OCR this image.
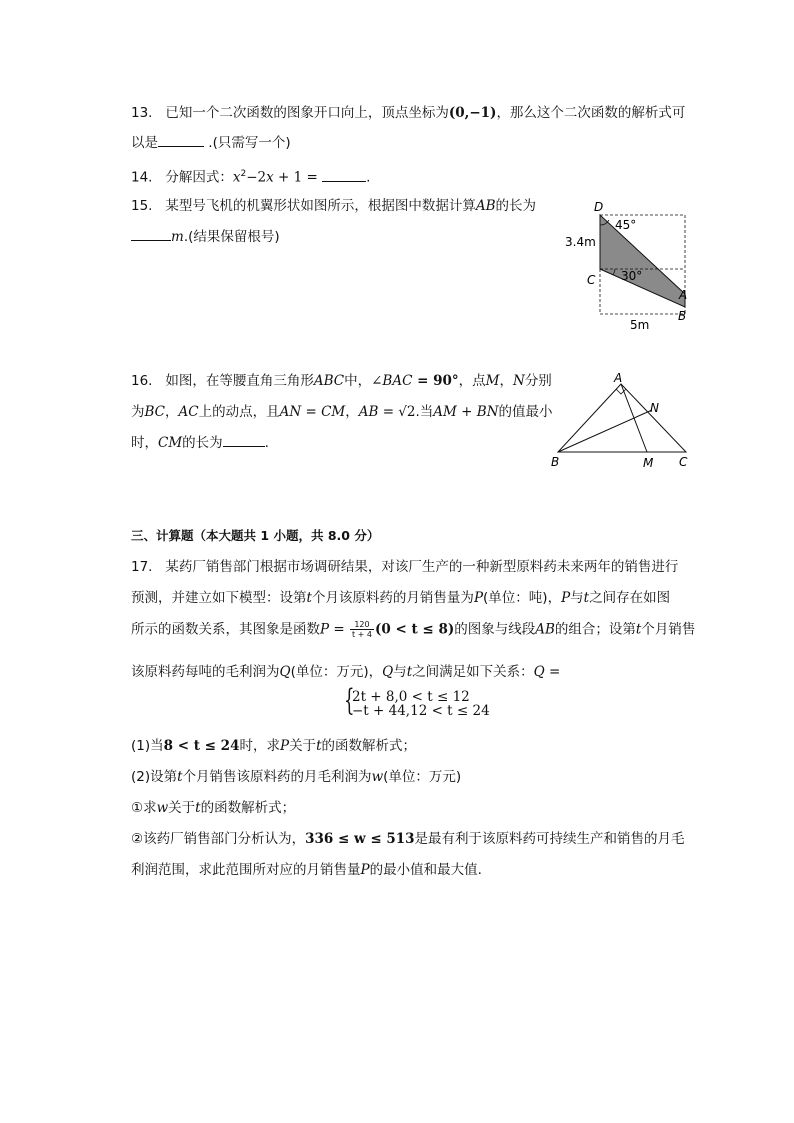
13. 已知一个二次函数的图象开口向上，顶点坐标为(0,−1)，那么这个二次函数的解析式可
以是	.(只需写一个)
14. 分解因式：$x^2-2x + 1$ =	.
15. 某型号飞机的机翼形状如图所示，根据图中数据计算AB的长为
m.(结果保留根号)
D
45°
3.4m
C 30°
A
B
5m
16. 如图，在等腰直角三角形ABC中，∠BAC = 90°，点M，N分别
为BC，AC上的动点，且AN = CM，AB = √2.当AM + BN的值最小
时，CM的长为	.
A
N
B	M C
三、计算题（本大题共 1 小题，共 8.0 分）
17. 某药厂销售部门根据市场调研结果，对该厂生产的一种新型原料药未来两年的销售进行
预测，并建立如下模型：设第t个月该原料药的月销售量为P(单位：吨)，P与t之间存在如图
所示的函数关系，其图象是函数$P = \frac{120}{t + 4} (0 < t \le 8)$的图象与线段AB的组合；设第t个月销售
该原料药每吨的毛利润为Q(单位：万元)，Q与t之间满足如下关系：Q =
{
2t + 8,0 < t ≤ 12
−t + 44,12 < t ≤ 24
(1)当8 < t ≤ 24时，求P关于t的函数解析式；
(2)设第t个月销售该原料药的月毛利润为w(单位：万元)
①求w关于t的函数解析式；
②该药厂销售部门分析认为，336 ≤ w ≤ 513是最有利于该原料药可持续生产和销售的月毛
利润范围，求此范围所对应的月销售量P的最小值和最大值.
